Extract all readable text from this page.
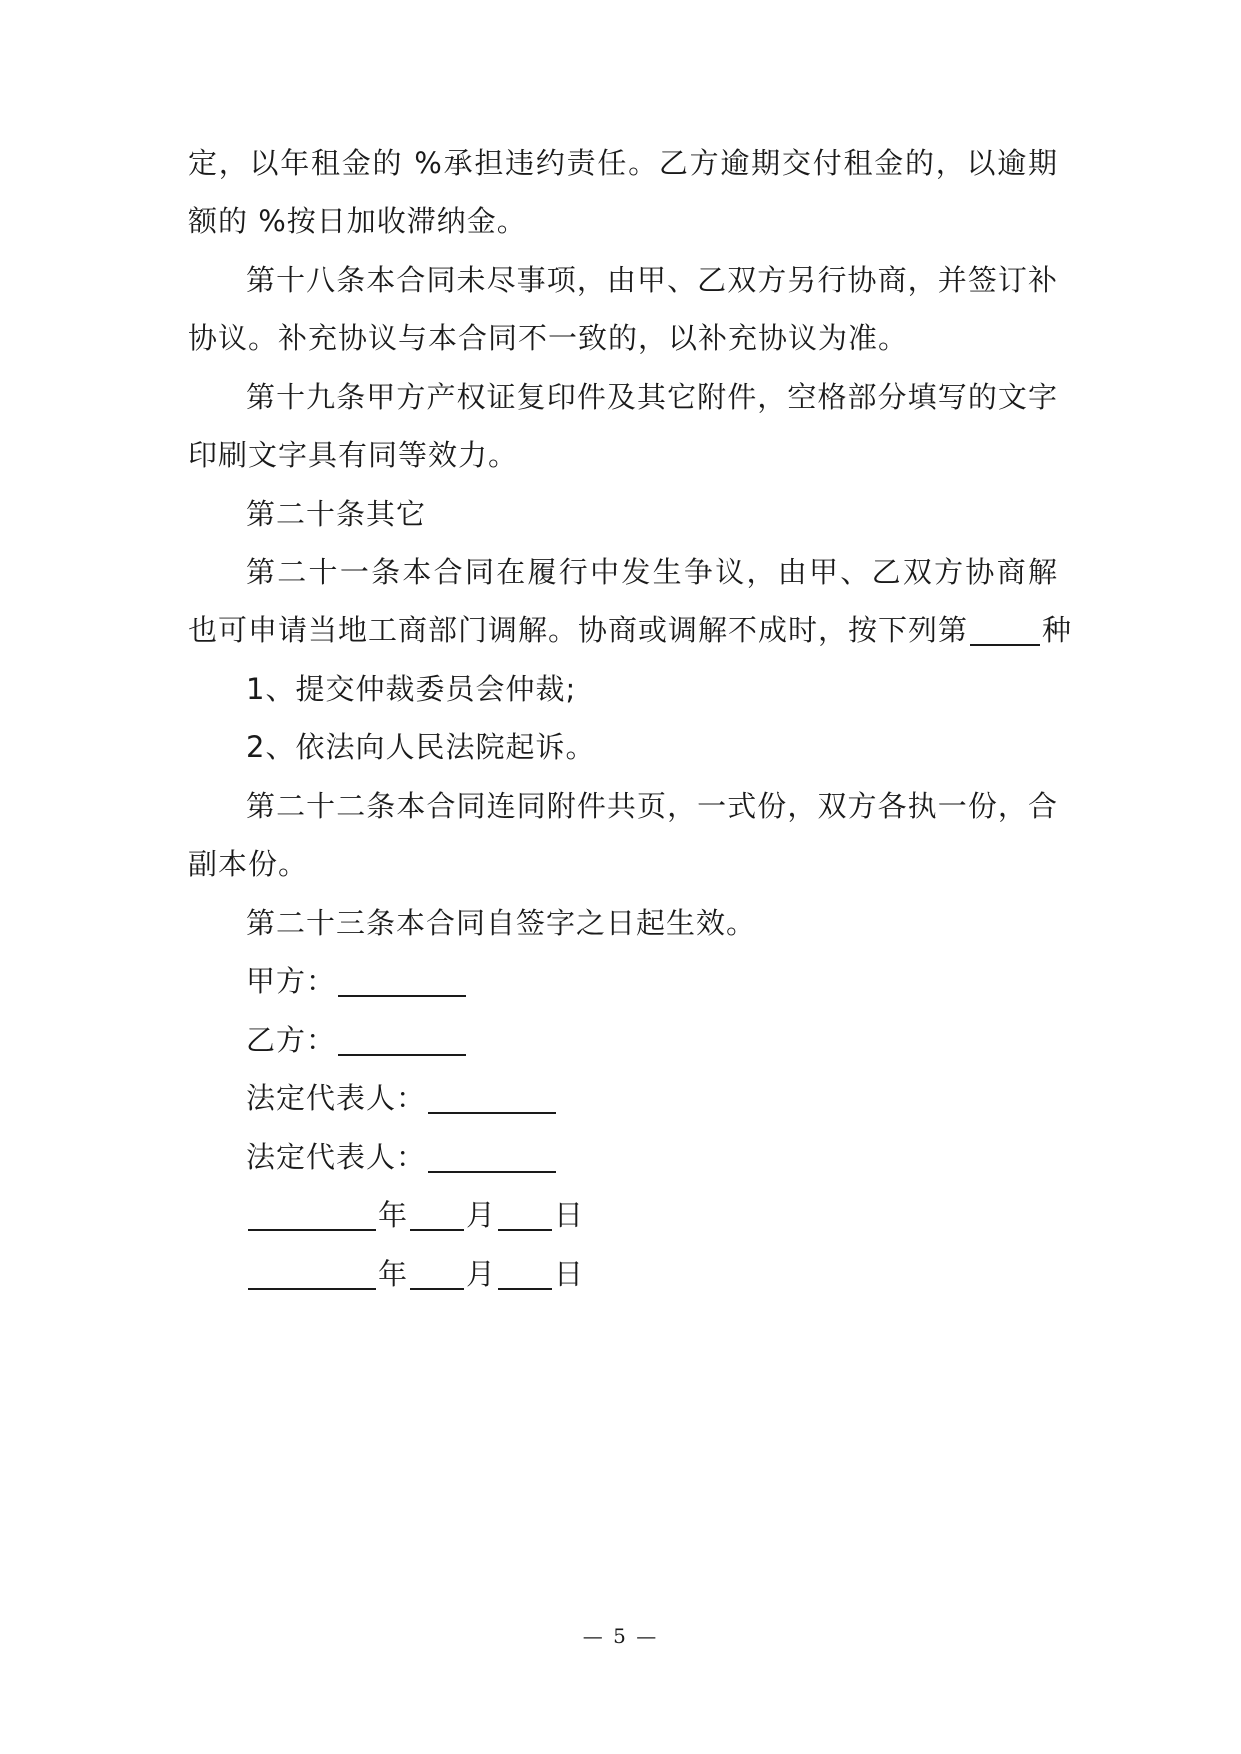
定，以年租金的 %承担违约责任。乙方逾期交付租金的，以逾期
额的 %按日加收滞纳金。
第十八条本合同未尽事项，由甲、乙双方另行协商，并签订补
协议。补充协议与本合同不一致的，以补充协议为准。
第十九条甲方产权证复印件及其它附件，空格部分填写的文字
印刷文字具有同等效力。
第二十条其它
第二十一条本合同在履行中发生争议，由甲、乙双方协商解
也可申请当地工商部门调解。协商或调解不成时，按下列第	种
1、提交仲裁委员会仲裁;
2、依法向人民法院起诉。
第二十二条本合同连同附件共页，一式份，双方各执一份，合
副本份。
第二十三条本合同自签字之日起生效。
甲方：
乙方：
法定代表人：
法定代表人：
年 月 日
年 月 日
— 5 —
